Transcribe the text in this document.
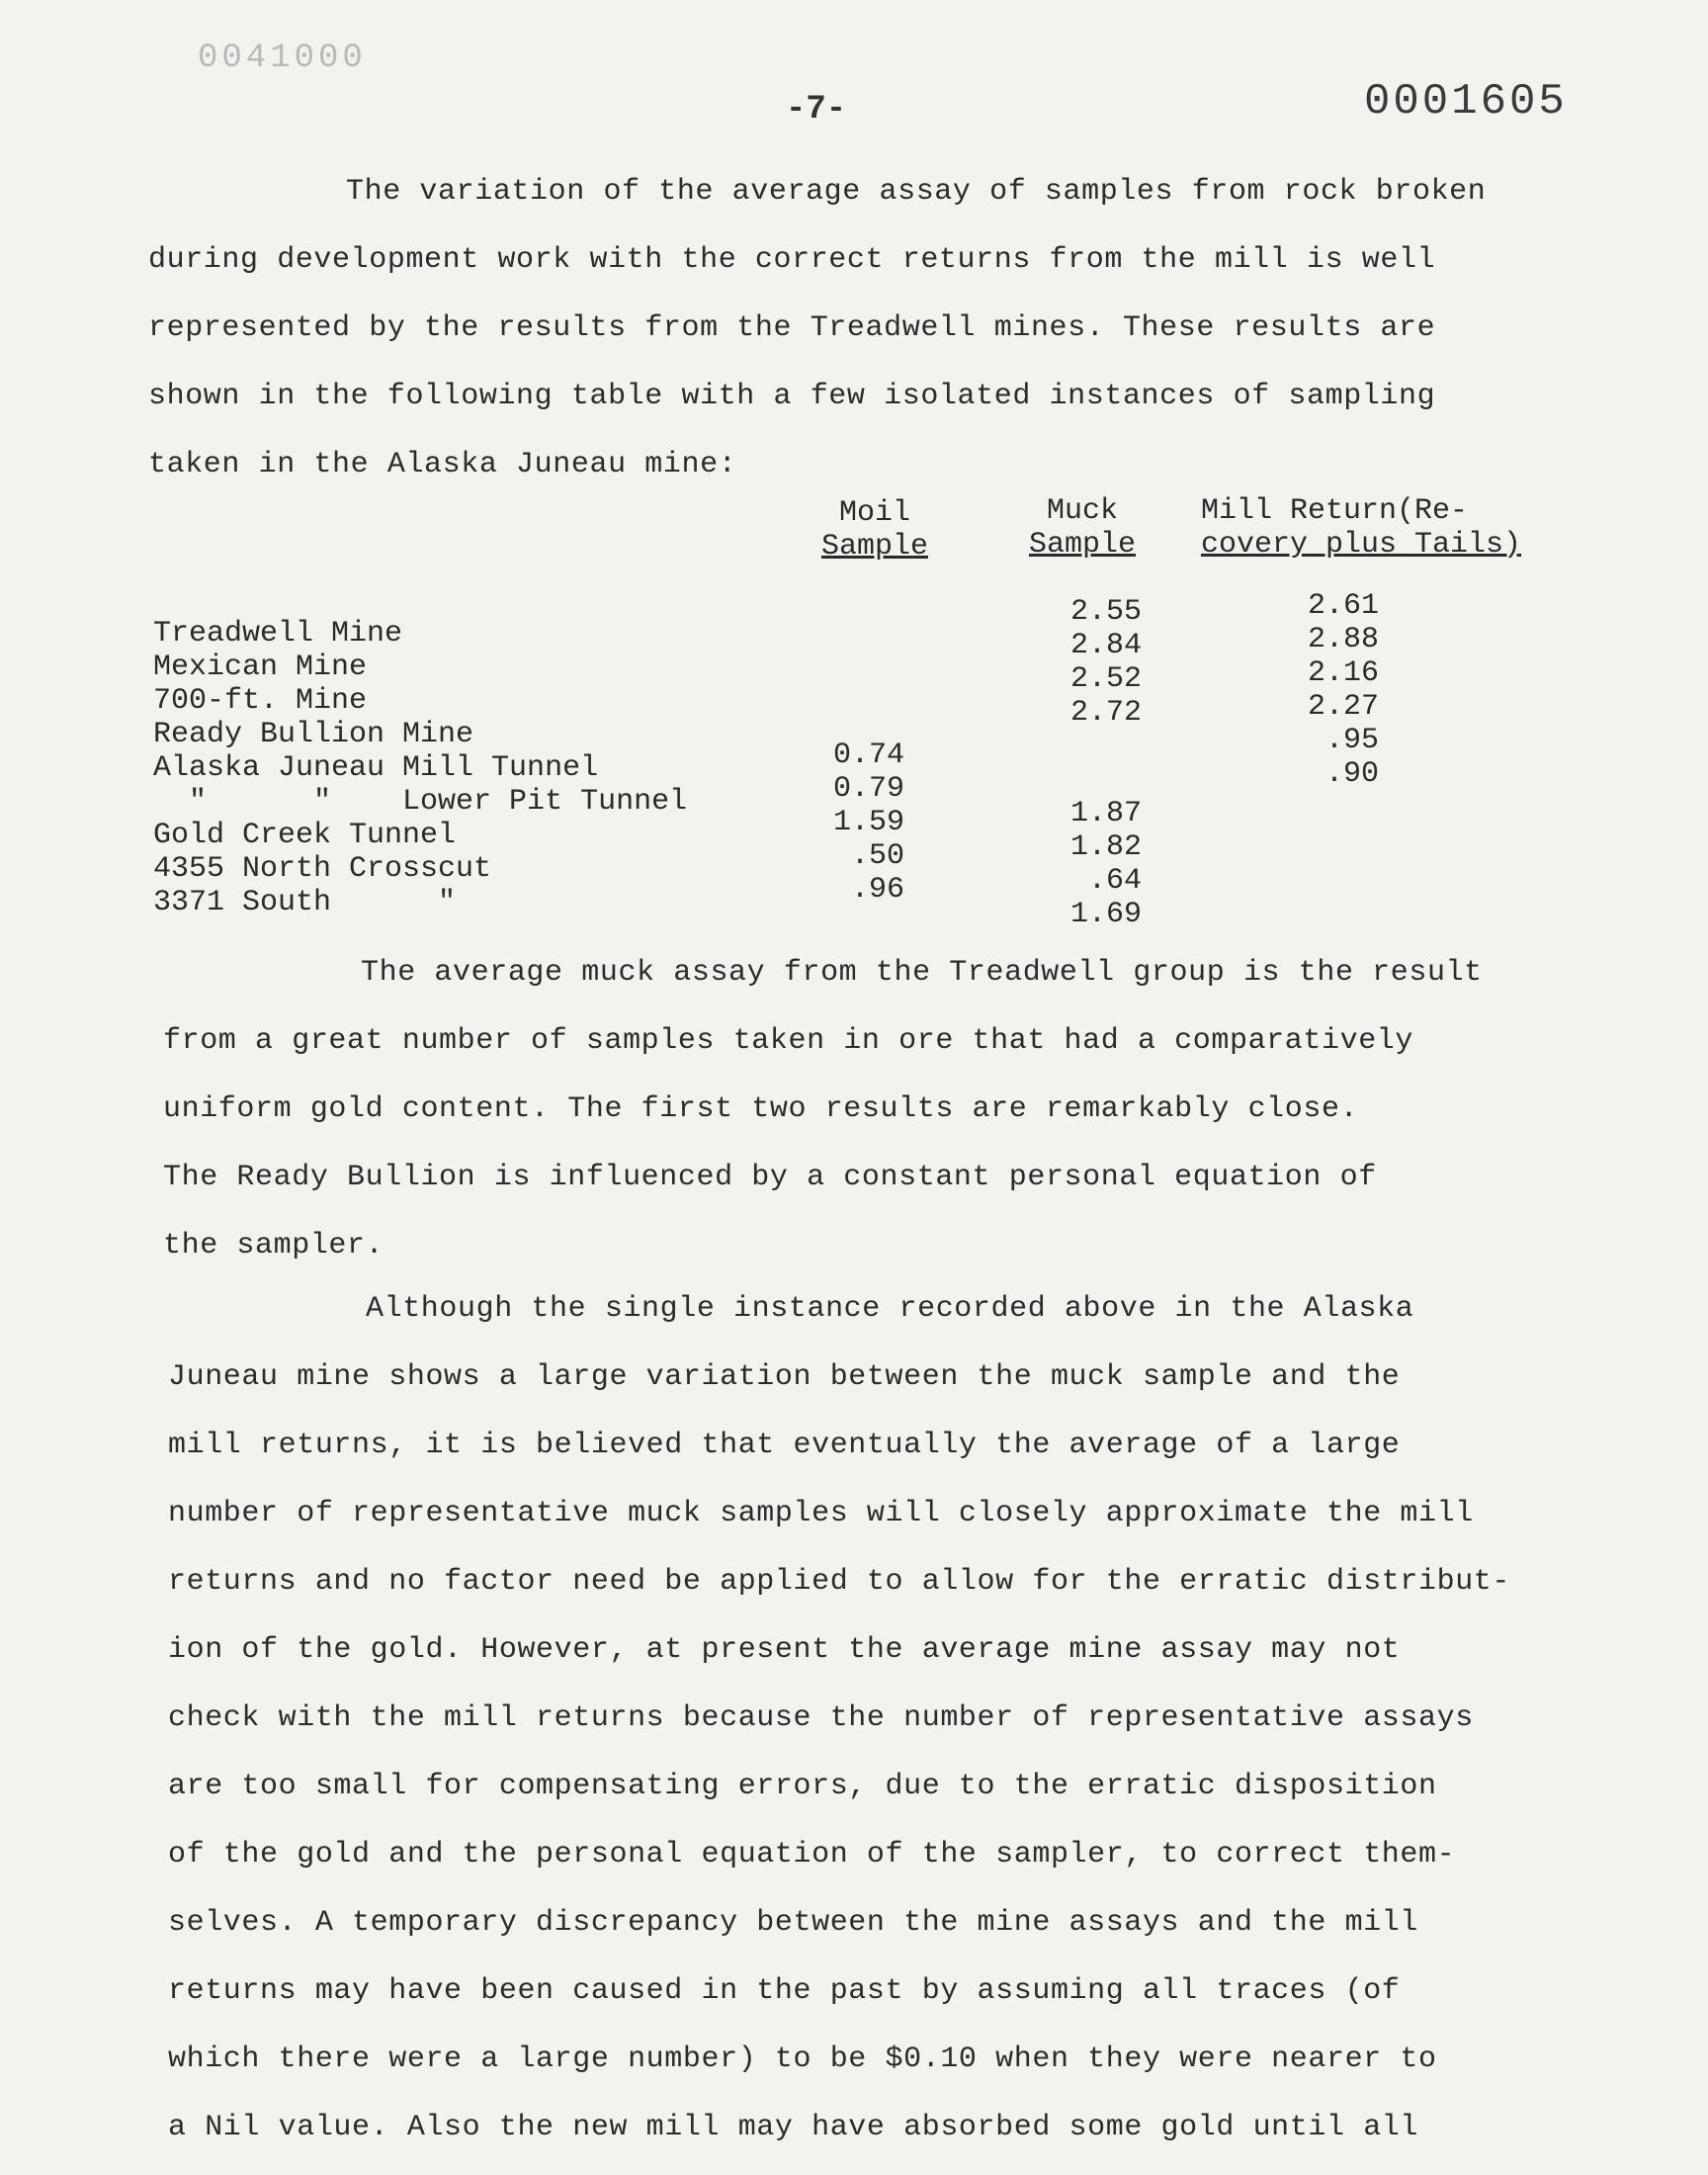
0041000
-7-	0001605

The variation of the average assay of samples from rock broken

during development work with the correct returns from the mill is well

represented by the results from the Treadwell mines. These results are

shown in the following table with a few isolated instances of sampling

taken in the Alaska Juneau mine:

Moil
Sample
Muck
Sample
Mill Return(Re-
covery plus Tails)
Treadwell Mine
Mexican Mine
700-ft. Mine
Ready Bullion Mine
Alaska Juneau Mill Tunnel
"      "    Lower Pit Tunnel
Gold Creek Tunnel
4355 North Crosscut
3371 South      "
0.74
0.79
1.59
.50
.96
2.55
2.84
2.52
2.72
1.87
1.82
.64
1.69
2.61
2.88
2.16
2.27
.95
.90

The average muck assay from the Treadwell group is the result

from a great number of samples taken in ore that had a comparatively

uniform gold content. The first two results are remarkably close.

The Ready Bullion is influenced by a constant personal equation of

the sampler.

Although the single instance recorded above in the Alaska

Juneau mine shows a large variation between the muck sample and the

mill returns, it is believed that eventually the average of a large

number of representative muck samples will closely approximate the mill

returns and no factor need be applied to allow for the erratic distribut-

ion of the gold. However, at present the average mine assay may not

check with the mill returns because the number of representative assays

are too small for compensating errors, due to the erratic disposition

of the gold and the personal equation of the sampler, to correct them-

selves. A temporary discrepancy between the mine assays and the mill

returns may have been caused in the past by assuming all traces (of

which there were a large number) to be $0.10 when they were nearer to

a Nil value. Also the new mill may have absorbed some gold until all
